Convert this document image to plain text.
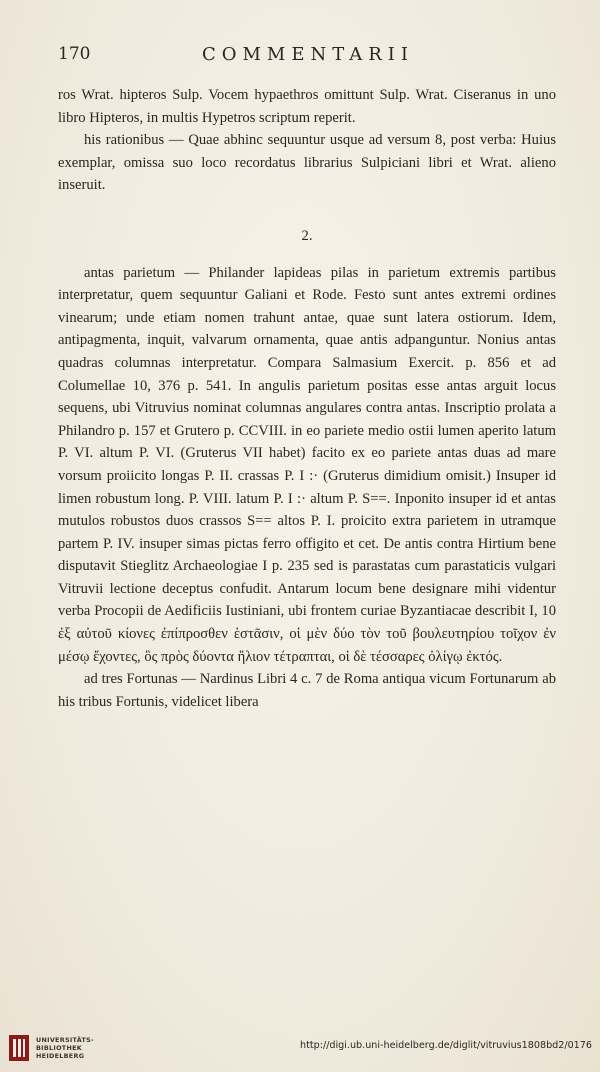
170	COMMENTARII

ros Wrat. hipteros Sulp. Vocem hypaethros omittunt Sulp. Wrat. Ciseranus in uno libro Hipteros, in multis Hypetros scriptum reperit.

his rationibus — Quae abhinc sequuntur usque ad versum 8, post verba: Huius exemplar, omissa suo loco recordatus librarius Sulpiciani libri et Wrat. alieno inseruit.

2.

antas parietum — Philander lapideas pilas in parietum extremis partibus interpretatur, quem sequuntur Galiani et Rode. Festo sunt antes extremi ordines vinearum; unde etiam nomen trahunt antae, quae sunt latera ostiorum. Idem, antipagmenta, inquit, valvarum ornamenta, quae antis adpanguntur. Nonius antas quadras columnas interpretatur. Compara Salmasium Exercit. p. 856 et ad Columellae 10, 376 p. 541. In angulis parietum positas esse antas arguit locus sequens, ubi Vitruvius nominat columnas angulares contra antas. Inscriptio prolata a Philandro p. 157 et Grutero p. CCVIII. in eo pariete medio ostii lumen aperito latum P. VI. altum P. VI. (Gruterus VII habet) facito ex eo pariete antas duas ad mare vorsum proiicito longas P. II. crassas P. I :· (Gruterus dimidium omisit.) Insuper id limen robustum long. P. VIII. latum P. I :· altum P. S==. Inponito insuper id et antas mutulos robustos duos crassos S== altos P. I. proicito extra parietem in utramque partem P. IV. insuper simas pictas ferro offigito et cet. De antis contra Hirtium bene disputavit Stieglitz Archaeologiae I p. 235 sed is parastatas cum parastaticis vulgari Vitruvii lectione deceptus confudit. Antarum locum bene designare mihi videntur verba Procopii de Aedificiis Iustiniani, ubi frontem curiae Byzantiacae describit I, 10 ἐξ αὐτοῦ κίονες ἐπίπροσθεν ἑστᾶσιν, οἱ μὲν δύο τὸν τοῦ βουλευτηρίου τοῖχον ἐν μέσῳ ἔχοντες, ὃς πρὸς δύοντα ἥλιον τέτραπται, οἱ δὲ τέσσαρες ὀλίγῳ ἐκτός.

ad tres Fortunas — Nardinus Libri 4 c. 7 de Roma antiqua vicum Fortunarum ab his tribus Fortunis, videlicet libera

UNIVERSITÄTS-
BIBLIOTHEK
HEIDELBERG
http://digi.ub.uni-heidelberg.de/diglit/vitruvius1808bd2/0176
